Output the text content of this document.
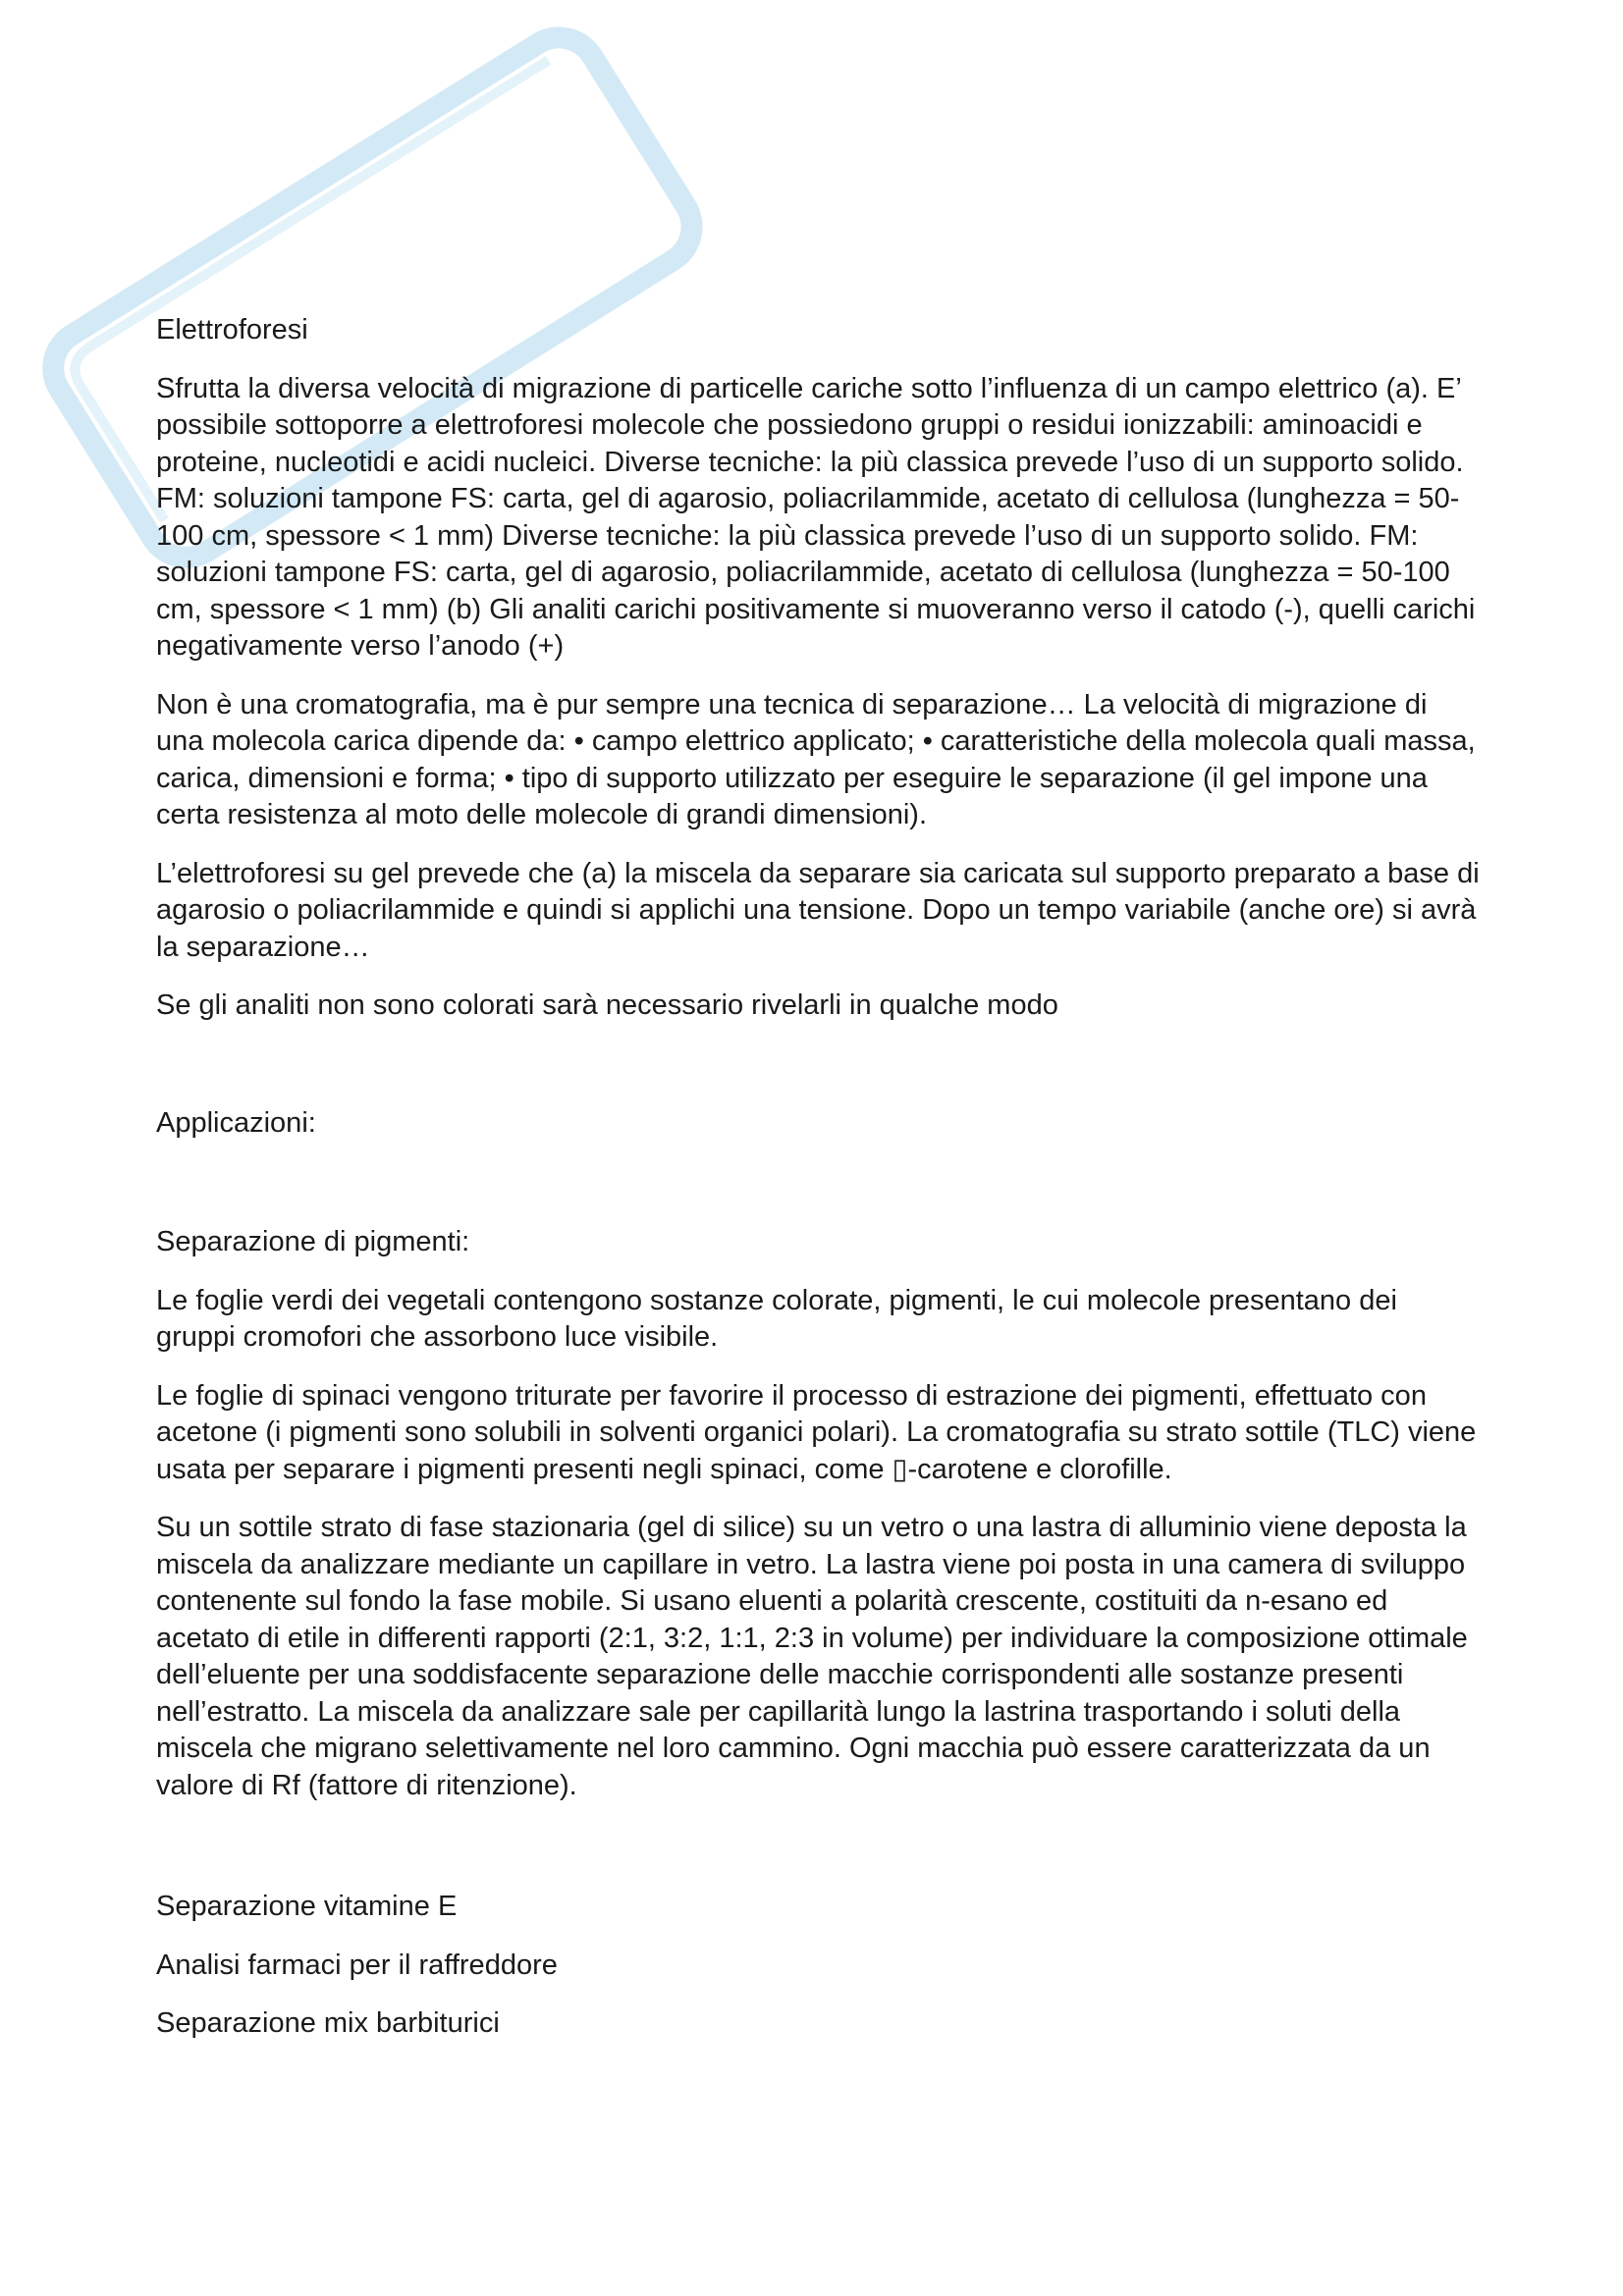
Elettroforesi

Sfrutta la diversa velocità di migrazione di particelle cariche sotto l’influenza di un campo elettrico (a). E’ possibile sottoporre a elettroforesi molecole che possiedono gruppi o residui ionizzabili: aminoacidi e proteine, nucleotidi e acidi nucleici. Diverse tecniche: la più classica prevede l’uso di un supporto solido. FM: soluzioni tampone FS: carta, gel di agarosio, poliacrilammide, acetato di cellulosa (lunghezza = 50-100 cm, spessore < 1 mm) Diverse tecniche: la più classica prevede l’uso di un supporto solido. FM: soluzioni tampone FS: carta, gel di agarosio, poliacrilammide, acetato di cellulosa (lunghezza = 50-100 cm, spessore < 1 mm) (b) Gli analiti carichi positivamente si muoveranno verso il catodo (-), quelli carichi negativamente verso l’anodo (+)

Non è una cromatografia, ma è pur sempre una tecnica di separazione… La velocità di migrazione di una molecola carica dipende da: • campo elettrico applicato; • caratteristiche della molecola quali massa, carica, dimensioni e forma; • tipo di supporto utilizzato per eseguire le separazione (il gel impone una certa resistenza al moto delle molecole di grandi dimensioni).

L’elettroforesi su gel prevede che (a) la miscela da separare sia caricata sul supporto preparato a base di agarosio o poliacrilammide e quindi si applichi una tensione. Dopo un tempo variabile (anche ore) si avrà la separazione…

Se gli analiti non sono colorati sarà necessario rivelarli in qualche modo

Applicazioni:

Separazione di pigmenti:

Le foglie verdi dei vegetali contengono sostanze colorate, pigmenti, le cui molecole presentano dei gruppi cromofori che assorbono luce visibile.

Le foglie di spinaci vengono triturate per favorire il processo di estrazione dei pigmenti, effettuato con acetone (i pigmenti sono solubili in solventi organici polari). La cromatografia su strato sottile (TLC) viene usata per separare i pigmenti presenti negli spinaci, come ▯-carotene e clorofille.

Su un sottile strato di fase stazionaria (gel di silice) su un vetro o una lastra di alluminio viene deposta la miscela da analizzare mediante un capillare in vetro. La lastra viene poi posta in una camera di sviluppo contenente sul fondo la fase mobile. Si usano eluenti a polarità crescente, costituiti da n-esano ed acetato di etile in differenti rapporti (2:1, 3:2, 1:1, 2:3 in volume) per individuare la composizione ottimale dell’eluente per una soddisfacente separazione delle macchie corrispondenti alle sostanze presenti nell’estratto. La miscela da analizzare sale per capillarità lungo la lastrina trasportando i soluti della miscela che migrano selettivamente nel loro cammino. Ogni macchia può essere caratterizzata da un valore di Rf (fattore di ritenzione).

Separazione vitamine E

Analisi farmaci per il raffreddore

Separazione mix barbiturici
